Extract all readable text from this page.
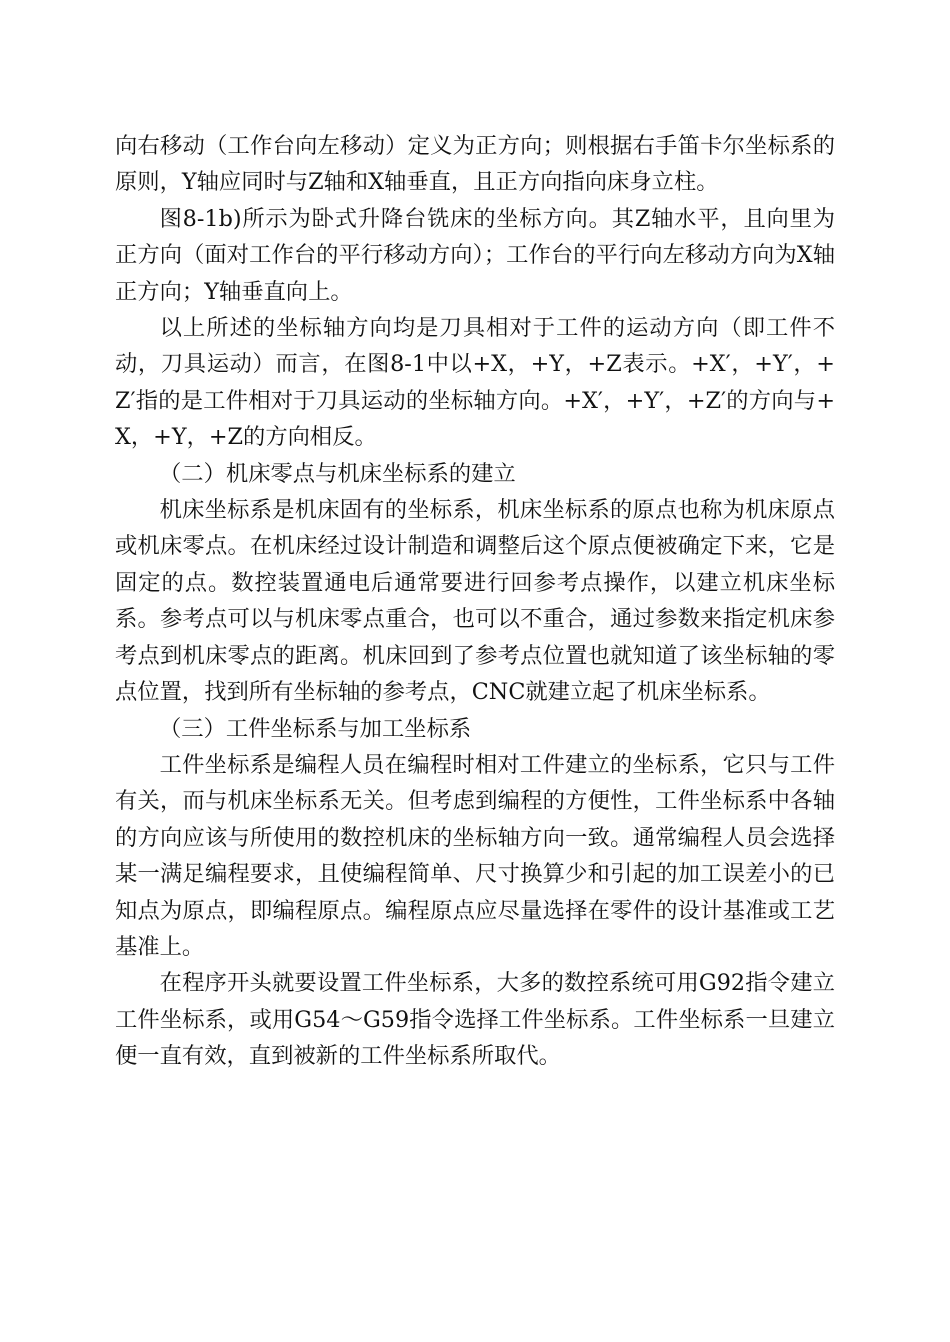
向右移动（工作台向左移动）定义为正方向；则根据右手笛卡尔坐标系的原则，Y轴应同时与Z轴和X轴垂直，且正方向指向床身立柱。

图8-1b)所示为卧式升降台铣床的坐标方向。其Z轴水平，且向里为正方向（面对工作台的平行移动方向）；工作台的平行向左移动方向为X轴正方向；Y轴垂直向上。

以上所述的坐标轴方向均是刀具相对于工件的运动方向（即工件不动，刀具运动）而言，在图8-1中以+X，+Y，+Z表示。+X′，+Y′，+Z′指的是工件相对于刀具运动的坐标轴方向。+X′，+Y′，+Z′的方向与+X，+Y，+Z的方向相反。

（二）机床零点与机床坐标系的建立

机床坐标系是机床固有的坐标系，机床坐标系的原点也称为机床原点或机床零点。在机床经过设计制造和调整后这个原点便被确定下来，它是固定的点。数控装置通电后通常要进行回参考点操作，以建立机床坐标系。参考点可以与机床零点重合，也可以不重合，通过参数来指定机床参考点到机床零点的距离。机床回到了参考点位置也就知道了该坐标轴的零点位置，找到所有坐标轴的参考点，CNC就建立起了机床坐标系。

（三）工件坐标系与加工坐标系

工件坐标系是编程人员在编程时相对工件建立的坐标系，它只与工件有关，而与机床坐标系无关。但考虑到编程的方便性，工件坐标系中各轴的方向应该与所使用的数控机床的坐标轴方向一致。通常编程人员会选择某一满足编程要求，且使编程简单、尺寸换算少和引起的加工误差小的已知点为原点，即编程原点。编程原点应尽量选择在零件的设计基准或工艺基准上。

在程序开头就要设置工件坐标系，大多的数控系统可用G92指令建立工件坐标系，或用G54～G59指令选择工件坐标系。工件坐标系一旦建立便一直有效，直到被新的工件坐标系所取代。
